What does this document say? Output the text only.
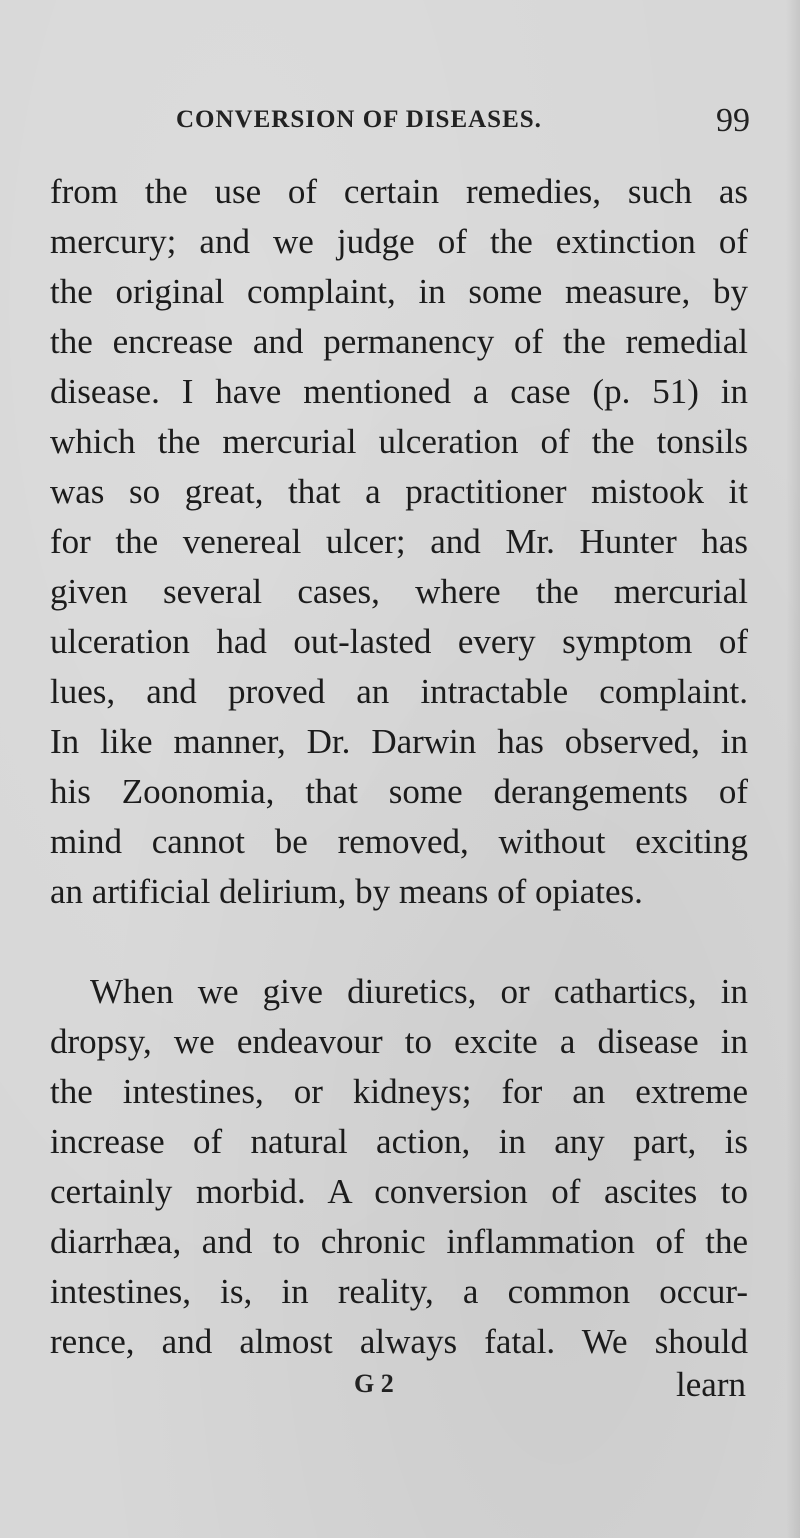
CONVERSION OF DISEASES.	99
from the use of certain remedies, such as
mercury; and we judge of the extinction of
the original complaint, in some measure, by
the encrease and permanency of the remedial
disease. I have mentioned a case (p. 51) in
which the mercurial ulceration of the tonsils
was so great, that a practitioner mistook it
for the venereal ulcer; and Mr. Hunter has
given several cases, where the mercurial
ulceration had out-lasted every symptom of
lues, and proved an intractable complaint.
In like manner, Dr. Darwin has observed, in
his Zoonomia, that some derangements of
mind cannot be removed, without exciting
an artificial delirium, by means of opiates.
When we give diuretics, or cathartics, in
dropsy, we endeavour to excite a disease in
the intestines, or kidneys; for an extreme
increase of natural action, in any part, is
certainly morbid. A conversion of ascites to
diarrhæa, and to chronic inflammation of the
intestines, is, in reality, a common occur-
rence, and almost always fatal. We should
G 2	learn
